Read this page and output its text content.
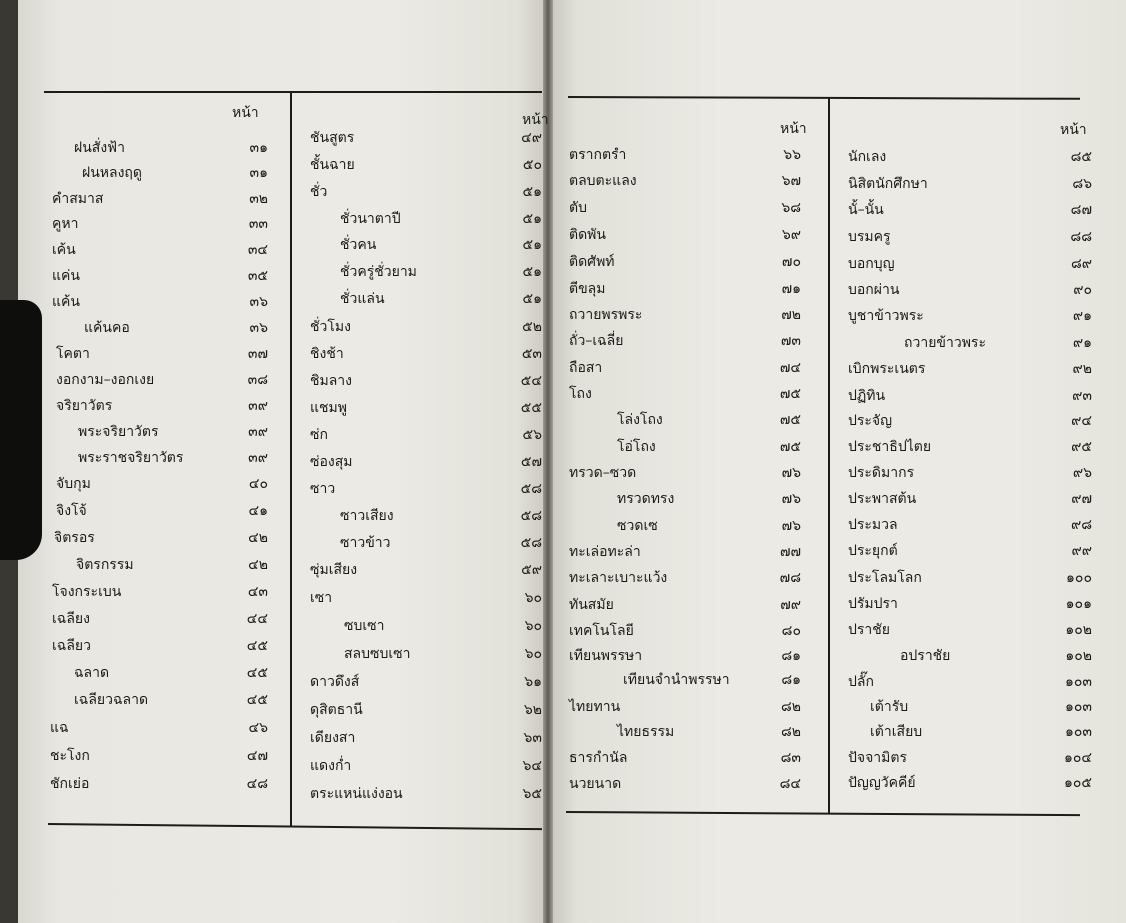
หน้า	หน้า
หน้า	หน้า
ฝนสั่งฟ้า	๓๑
ฝนหลงฤดู	๓๑
คำสมาส	๓๒
คูหา	๓๓
เค้น	๓๔
แค่น	๓๕
แค้น	๓๖
แค้นคอ	๓๖
โคตา	๓๗
งอกงาม–งอกเงย	๓๘
จริยาวัตร	๓๙
พระจริยาวัตร	๓๙
พระราชจริยาวัตร	๓๙
จับกุม	๔๐
จิงโจ้	๔๑
จิตรอร	๔๒
จิตรกรรม	๔๒
โจงกระเบน	๔๓
เฉลียง	๔๔
เฉลียว	๔๕
ฉลาด	๔๕
เฉลียวฉลาด	๔๕
แฉ	๔๖
ชะโงก	๔๗
ชักเย่อ	๔๘
ชันสูตร	๔๙
ชั้นฉาย	๕๐
ชั่ว	๕๑
ชั่วนาตาปี	๕๑
ชั่วคน	๕๑
ชั่วครู่ชั่วยาม	๕๑
ชั่วแล่น	๕๑
ชั่วโมง	๕๒
ชิงช้า	๕๓
ชิมลาง	๕๔
แชมพู	๕๕
ซ่ก	๕๖
ซ่องสุม	๕๗
ซาว	๕๘
ซาวเสียง	๕๘
ซาวข้าว	๕๘
ซุ่มเสียง	๕๙
เซา	๖๐
ซบเซา	๖๐
สลบซบเซา	๖๐
ดาวดึงส์	๖๑
ดุสิตธานี	๖๒
เดียงสา	๖๓
แดงก่ำ	๖๔
ตระแหน่แง่งอน	๖๕
ตรากตรำ	๖๖
ตลบตะแลง	๖๗
ตับ	๖๘
ติดพัน	๖๙
ติดศัพท์	๗๐
ตีขลุม	๗๑
ถวายพรพระ	๗๒
ถั่ว–เฉลี่ย	๗๓
ถือสา	๗๔
โถง	๗๕
โล่งโถง	๗๕
โอ่โถง	๗๕
ทรวด–ซวด	๗๖
ทรวดทรง	๗๖
ซวดเซ	๗๖
ทะเล่อทะล่า	๗๗
ทะเลาะเบาะแว้ง	๗๘
ทันสมัย	๗๙
เทคโนโลยี	๘๐
เทียนพรรษา	๘๑
เทียนจำนำพรรษา	๘๑
ไทยทาน	๘๒
ไทยธรรม	๘๒
ธารกำนัล	๘๓
นวยนาด	๘๔
นักเลง	๘๕
นิสิตนักศึกษา	๘๖
นั้–นั้น	๘๗
บรมครู	๘๘
บอกบุญ	๘๙
บอกผ่าน	๙๐
บูชาข้าวพระ	๙๑
ถวายข้าวพระ	๙๑
เบิกพระเนตร	๙๒
ปฏิทิน	๙๓
ประจัญ	๙๔
ประชาธิปไตย	๙๕
ประดิมากร	๙๖
ประพาสต้น	๙๗
ประมวล	๙๘
ประยุกต์	๙๙
ประโลมโลก	๑๐๐
ปรัมปรา	๑๐๑
ปราชัย	๑๐๒
อปราชัย	๑๐๒
ปลั๊ก	๑๐๓
เต้ารับ	๑๐๓
เต้าเสียบ	๑๐๓
ปัจจามิตร	๑๐๔
ปัญญวัคคีย์	๑๐๕
